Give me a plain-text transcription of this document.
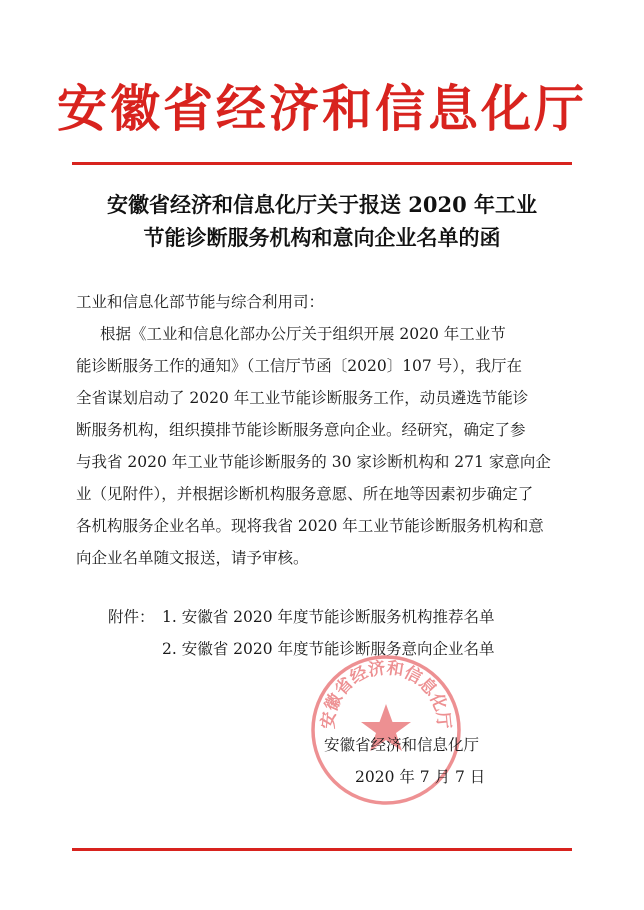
安徽省经济和信息化厅
安徽省经济和信息化厅关于报送 2020 年工业
节能诊断服务机构和意向企业名单的函
工业和信息化部节能与综合利用司：
根据《工业和信息化部办公厅关于组织开展 2020 年工业节
能诊断服务工作的通知》（工信厅节函〔2020〕107 号），我厅在
全省谋划启动了 2020 年工业节能诊断服务工作，动员遴选节能诊
断服务机构，组织摸排节能诊断服务意向企业。经研究，确定了参
与我省 2020 年工业节能诊断服务的 30 家诊断机构和 271 家意向企
业（见附件），并根据诊断机构服务意愿、所在地等因素初步确定了
各机构服务企业名单。现将我省 2020 年工业节能诊断服务机构和意
向企业名单随文报送，请予审核。
附件： 1. 安徽省 2020 年度节能诊断服务机构推荐名单
2. 安徽省 2020 年度节能诊断服务意向企业名单
安徽省经济和信息化厅
安徽省经济和信息化厅
2020 年 7 月 7 日
